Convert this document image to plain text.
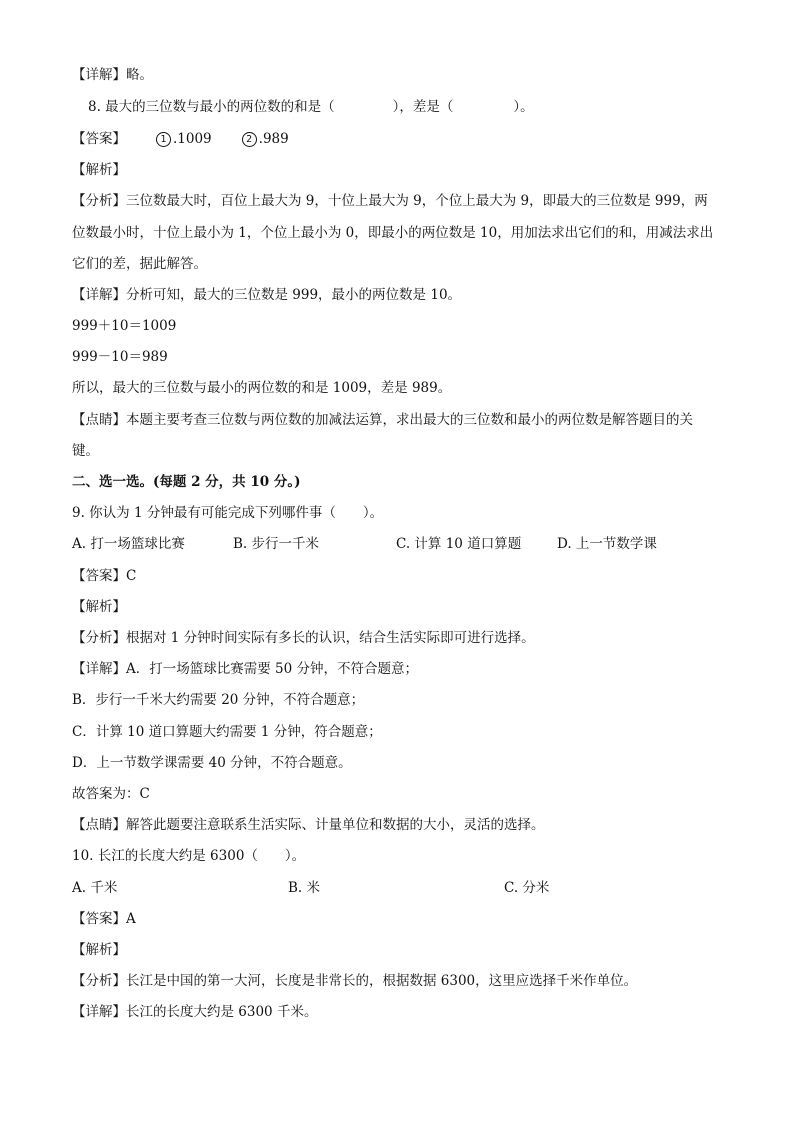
【详解】略。
8. 最大的三位数与最小的两位数的和是（	），差是（	）。
【答案】	1 .1009	2 .989
【解析】
【分析】三位数最大时，百位上最大为 9，十位上最大为 9，个位上最大为 9，即最大的三位数是 999，两
位数最小时，十位上最小为 1，个位上最小为 0，即最小的两位数是 10，用加法求出它们的和，用减法求出
它们的差，据此解答。
【详解】分析可知，最大的三位数是 999，最小的两位数是 10。
999＋10＝1009
999－10＝989
所以，最大的三位数与最小的两位数的和是 1009，差是 989。
【点睛】本题主要考查三位数与两位数的加减法运算，求出最大的三位数和最小的两位数是解答题目的关
键。
二、选一选。(每题 2 分，共 10 分。)
9. 你认为 1 分钟最有可能完成下列哪件事（　　）。
A. 打一场篮球比赛	B. 步行一千米	C. 计算 10 道口算题	D. 上一节数学课
【答案】C
【解析】
【分析】根据对 1 分钟时间实际有多长的认识，结合生活实际即可进行选择。
【详解】A．打一场篮球比赛需要 50 分钟，不符合题意；
B．步行一千米大约需要 20 分钟，不符合题意；
C．计算 10 道口算题大约需要 1 分钟，符合题意；
D．上一节数学课需要 40 分钟，不符合题意。
故答案为：C
【点睛】解答此题要注意联系生活实际、计量单位和数据的大小，灵活的选择。
10. 长江的长度大约是 6300（　　）。
A. 千米	B. 米	C. 分米
【答案】A
【解析】
【分析】长江是中国的第一大河，长度是非常长的，根据数据 6300，这里应选择千米作单位。
【详解】长江的长度大约是 6300 千米。
